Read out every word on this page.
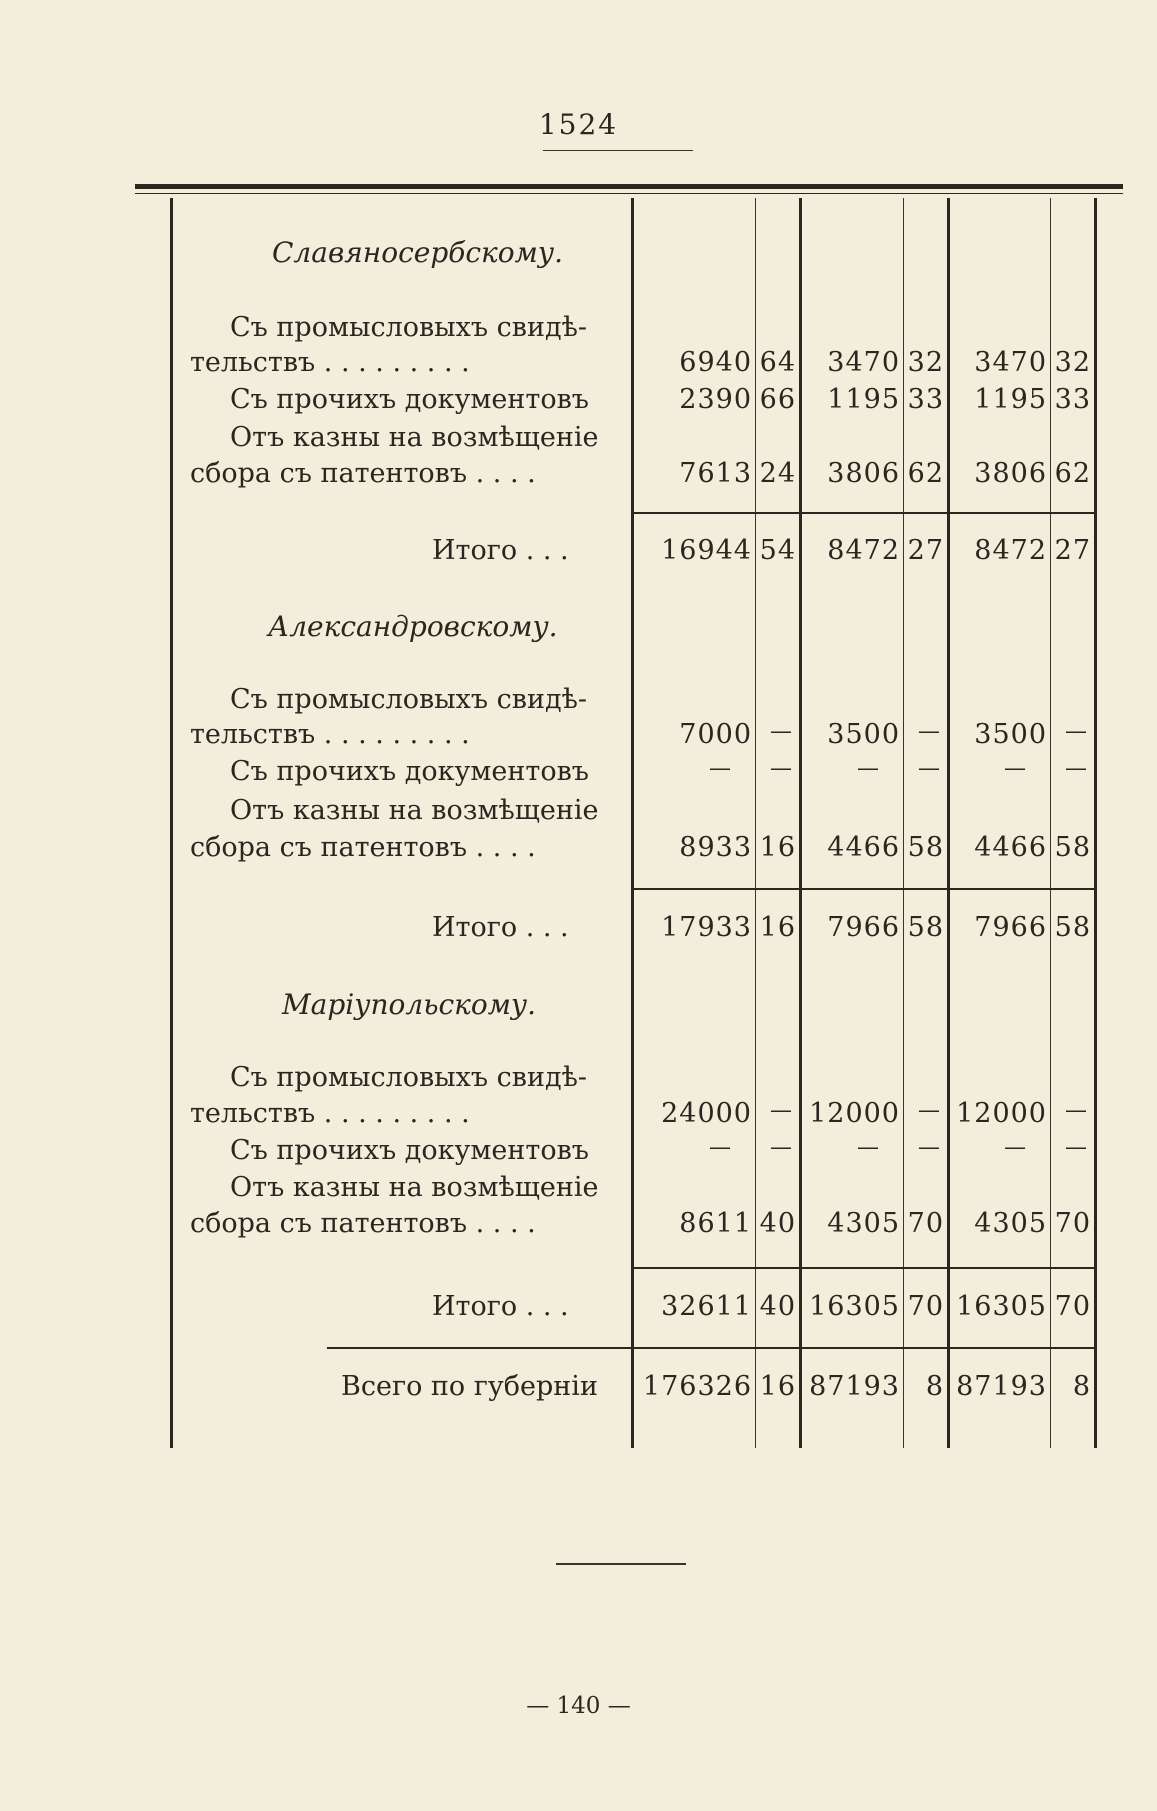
1524
Славяносербскому.
Съ промысловыхъ свидѣ-
тельствъ . . . . . . . . .	6940 64 3470 32 3470 32
Съ прочихъ документовъ	2390 66 1195 33 1195 33
Отъ казны на возмѣщеніе
сбора съ патентовъ . . . .	7613 24 3806 62 3806 62
Итого . . .	16944 54 8472 27 8472 27
Александровскому.
Съ промысловыхъ свидѣ-
тельствъ . . . . . . . . .	7000 — 3500 — 3500 —
Съ прочихъ документовъ	— —	— —	— —
Отъ казны на возмѣщеніе
сбора съ патентовъ . . . .	8933 16 4466 58 4466 58
Итого . . .	17933 16 7966 58 7966 58
Маріупольскому.
Съ промысловыхъ свидѣ-
тельствъ . . . . . . . . .	24000 — 12000 — 12000 —
Съ прочихъ документовъ	— —	— —	— —
Отъ казны на возмѣщеніе
сбора съ патентовъ . . . .	8611 40 4305 70 4305 70
Итого . . .	32611 40 16305 70 16305 70
Всего по губерніи 176326 16 87193 8 87193 8
— 140 —
